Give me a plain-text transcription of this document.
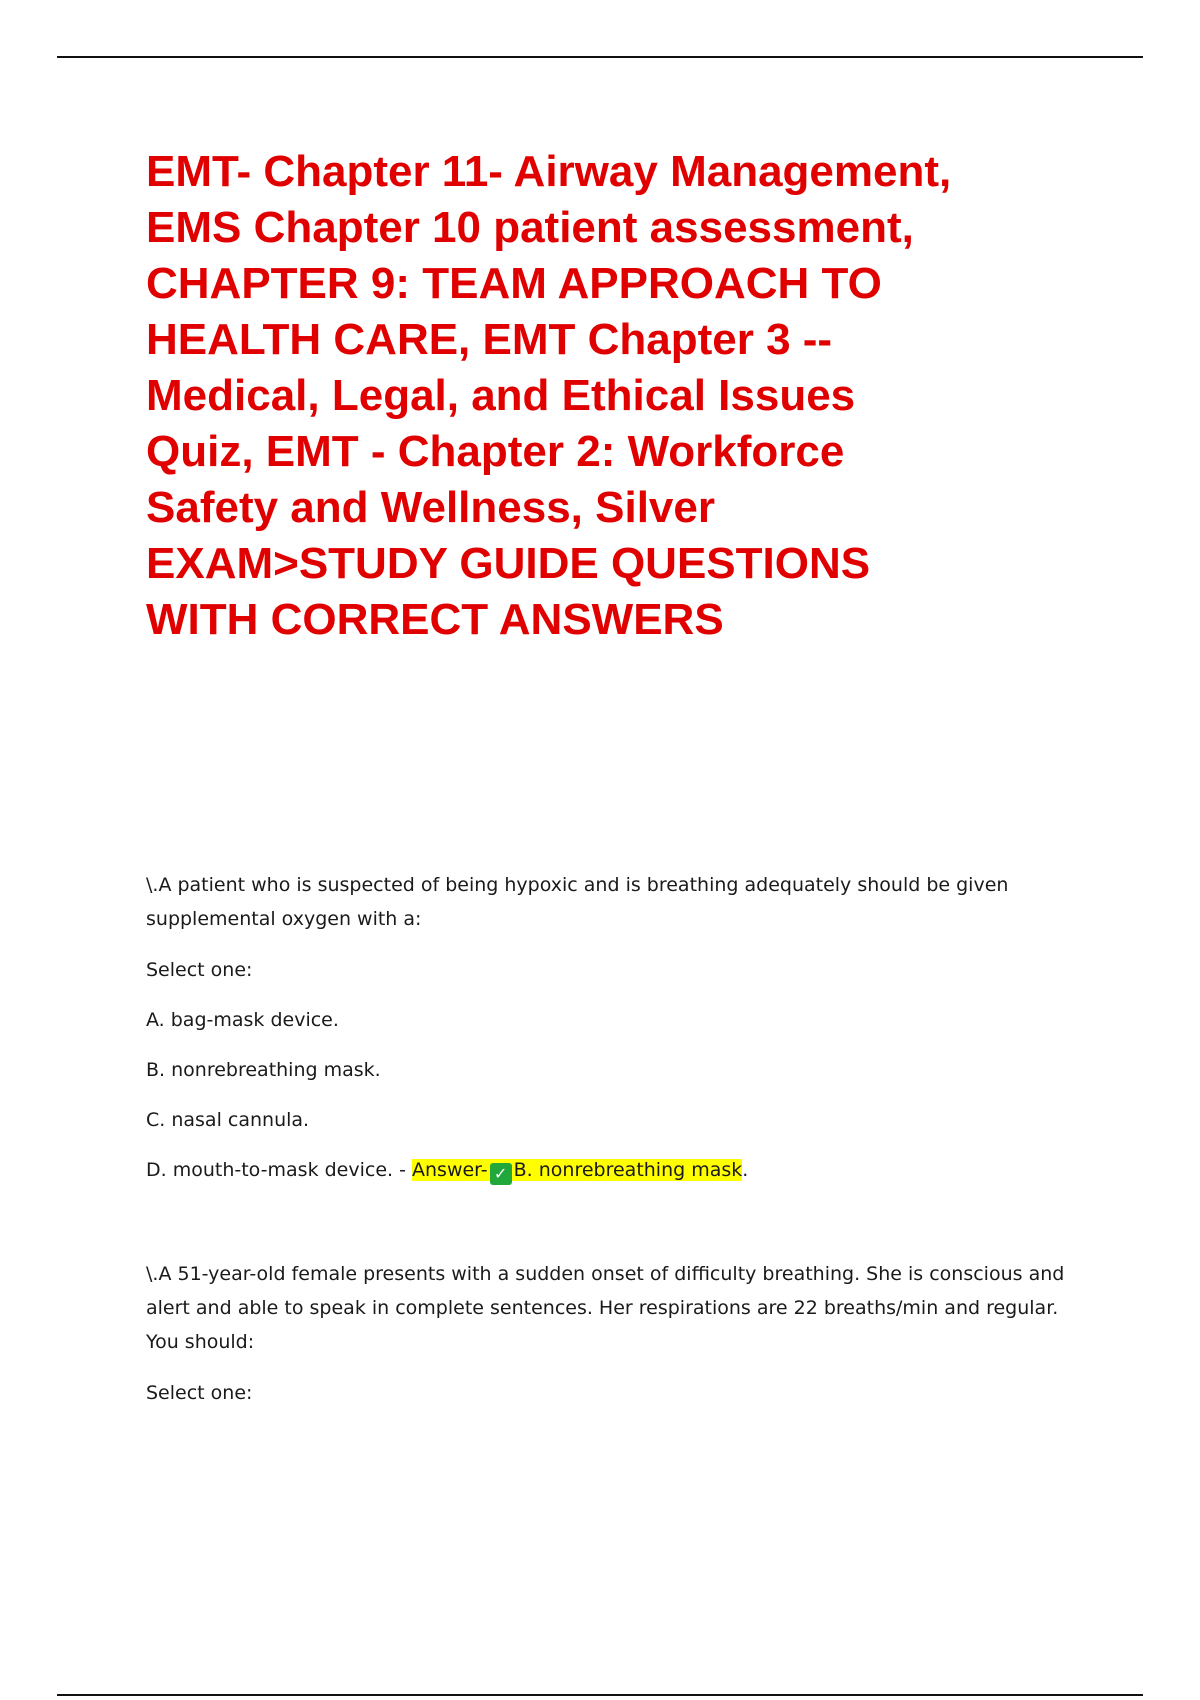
EMT- Chapter 11- Airway Management,
EMS Chapter 10 patient assessment,
CHAPTER 9: TEAM APPROACH TO
HEALTH CARE, EMT Chapter 3 --
Medical, Legal, and Ethical Issues
Quiz, EMT - Chapter 2: Workforce
Safety and Wellness, Silver
EXAM>STUDY GUIDE QUESTIONS
WITH CORRECT ANSWERS
\.A patient who is suspected of being hypoxic and is breathing adequately should be given
supplemental oxygen with a:
Select one:
A. bag-mask device.
B. nonrebreathing mask.
C. nasal cannula.
D. mouth-to-mask device. - Answer- ✓ B. nonrebreathing mask.
\.A 51-year-old female presents with a sudden onset of difficulty breathing. She is conscious and
alert and able to speak in complete sentences. Her respirations are 22 breaths/min and regular.
You should:
Select one:
